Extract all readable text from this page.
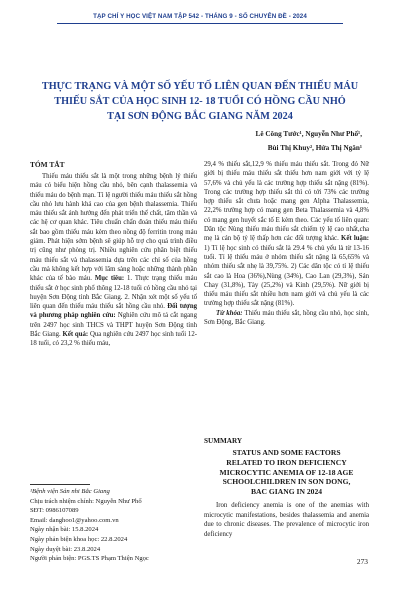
TẠP CHÍ Y HỌC VIỆT NAM TẬP 542 - THÁNG 9 - SỐ CHUYÊN ĐỀ - 2024
THỰC TRẠNG VÀ MỘT SỐ YẾU TỐ LIÊN QUAN ĐẾN THIẾU MÁU
THIẾU SẮT CỦA HỌC SINH 12- 18 TUỔI CÓ HỒNG CẦU NHỎ
TẠI SƠN ĐỘNG BẮC GIANG NĂM 2024
Lê Công Tước¹, Nguyễn Như Phố¹,
Bùi Thị Khuy², Hứa Thị Ngân¹
TÓM TẮT

Thiếu máu thiếu sắt là một trong những bệnh lý thiếu máu có biểu hiện hồng cầu nhỏ, bên cạnh thalassemia và thiếu máu do bệnh mạn. Tỉ lệ người thiếu máu thiếu sắt hồng cầu nhỏ lưu hành khá cao của gen bệnh thalassemia. Thiếu máu thiếu sắt ảnh hưởng đến phát triển thể chất, tâm thần và các hệ cơ quan khác. Tiêu chuẩn chẩn đoán thiếu máu thiếu sắt bao gồm thiếu máu kèm theo nồng độ ferritin trong máu giảm. Phát hiện sớm bệnh sẽ giúp hỗ trợ cho quá trình điều trị cũng như phòng trị. Nhiều nghiên cứu phân biệt thiếu máu thiếu sắt và thalassemia dựa trên các chỉ số của hồng cầu mà không kết hợp với lâm sàng hoặc những thành phần khác của tế bào máu. Mục tiêu: 1. Thực trạng thiếu máu thiếu sắt ở học sinh phổ thông 12-18 tuổi có hồng cầu nhỏ tại huyện Sơn Động tỉnh Bắc Giang. 2. Nhận xét một số yếu tố liên quan đến thiếu máu thiếu sắt hồng cầu nhỏ. Đối tượng và phương pháp nghiên cứu: Nghiên cứu mô tả cắt ngang trên 2497 học sinh THCS và THPT huyện Sơn Động tỉnh Bắc Giang. Kết quả: Qua nghiên cứu 2497 học sinh tuổi 12-18 tuổi, có 23,2 % thiếu máu,

29,4 % thiếu sắt,12,9 % thiếu máu thiếu sắt. Trong đó Nữ giới bị thiếu máu thiếu sắt thiếu hơn nam giới với tỷ lệ 57,6% và chủ yếu là các trường hợp thiếu sắt nặng (81%). Trong các trường hợp thiếu sắt thì có tới 73% các trường hợp thiếu sắt chưa hoặc mang gen Alpha Thalassemia, 22,2% trường hợp có mang gen Beta Thalassemia và 4,8% có mang gen huyết sắc tố E kèm theo. Các yếu tố liên quan: Dân tộc Nùng thiếu máu thiếu sắt chiếm tỷ lệ cao nhất,cha mẹ là cán bộ tỷ lệ thấp hơn các đối tượng khác. Kết luận: 1) Tỉ lệ học sinh có thiếu sắt là 29.4 % chủ yếu là từ 13-16 tuổi. Tỉ lệ thiếu máu ở nhóm thiếu sắt nặng là 65,65% và nhóm thiếu sắt nhẹ là 39,75%. 2) Các dân tộc có tỉ lệ thiếu sắt cao là Hoa (36%),Nùng (34%), Cao Lan (29,3%), Sán Chay (31,8%), Tày (25,2%) và Kinh (29,5%). Nữ giới bị thiếu máu thiếu sắt nhiều hơn nam giới và chủ yếu là các trường hợp thiếu sắt nặng (81%).

Từ khóa: Thiếu máu thiếu sắt, hồng cầu nhỏ, học sinh, Sơn Động, Bắc Giang.

¹Bệnh viện Sản nhi Bắc Giang
Chịu trách nhiệm chính: Nguyễn Như Phố
SĐT: 0986107089
Email: danghoo1@yahoo.com.vn
Ngày nhận bài: 15.8.2024
Ngày phản biện khoa học: 22.8.2024
Ngày duyệt bài: 23.8.2024
Người phản biện: PGS.TS Phạm Thiện Ngọc
SUMMARY
STATUS AND SOME FACTORS
RELATED TO IRON DEFICIENCY
MICROCYTIC ANEMIA OF 12-18 AGE
SCHOOLCHILDREN IN SON DONG,
BAC GIANG IN 2024

Iron deficiency anemia is one of the anemias with microcytic manifestations, besides thalassemia and anemia due to chronic diseases. The prevalence of microcytic iron deficiency

273
